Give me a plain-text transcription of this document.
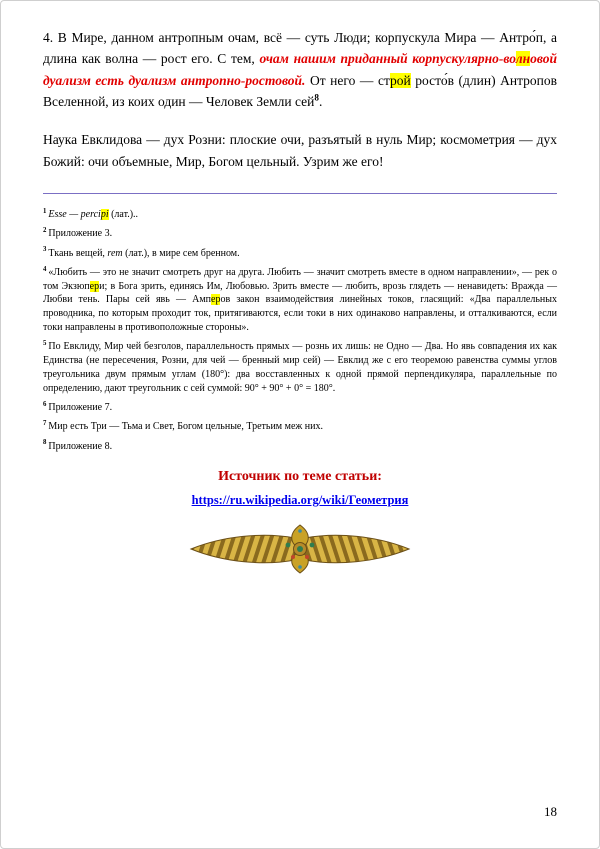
4. В Мире, данном антропным очам, всё — суть Люди; корпускула Мира — Антро́п, а длина как волна — рост его. С тем, очам нашим приданный корпускулярно-волновой дуализм есть дуализм антропно-ростовой. От него — строй росто́в (длин) Антропов Вселенной, из коих один — Человек Земли сей$^8$.

Наука Евклидова — дух Розни: плоские очи, разъятый в нуль Мир; космометрия — дух Божий: очи объемные, Мир, Богом цельный. Узрим же его!

$^1$ Esse — percipi (лат.)..

$^2$ Приложение 3.

$^3$ Ткань вещей, rem (лат.), в мире сем бренном.

$^4$ «Любить — это не значит смотреть друг на друга. Любить — значит смотреть вместе в одном направлении», — рек о том Экзюпери; в Бога зрить, единясь Им, Любовью. Зрить вместе — любить, врозь глядеть — ненавидеть: Вражда — Любви тень. Пары сей явь — Амперов закон взаимодействия линейных токов, гласящий: «Два параллельных проводника, по которым проходит ток, притягиваются, если токи в них одинаково направлены, и отталкиваются, если токи направлены в противоположные стороны».

$^5$ По Евклиду, Мир чей безголов, параллельность прямых — рознь их лишь: не Одно — Два. Но явь совпадения их как Единства (не пересечения, Розни, для чей — бренный мир сей) — Евклид же с его теоремою равенства суммы углов треугольника двум прямым углам (180°): два восставленных к одной прямой перпендикуляра, параллельные по определению, дают треугольник с сей суммой: 90° + 90° + 0° = 180°.

$^6$ Приложение 7.

$^7$ Мир есть Три — Тьма и Свет, Богом цельные, Третьим меж них.

$^8$ Приложение 8.

Источник по теме статьи:

https://ru.wikipedia.org/wiki/Геометрия

18
